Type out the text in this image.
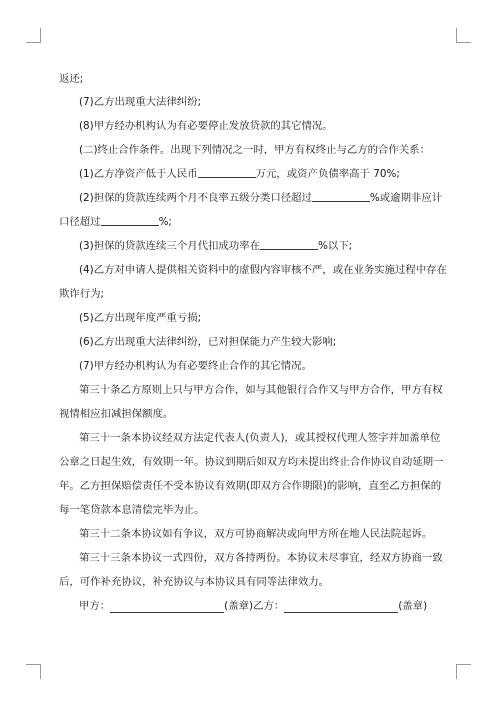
返还;
(7)乙方出现重大法律纠纷;
(8)甲方经办机构认为有必要停止发放贷款的其它情况。
(二)终止合作条件。出现下列情况之一时，甲方有权终止与乙方的合作关系：
(1)乙方净资产低于人民币	万元，或资产负债率高于 70%;
(2)担保的贷款连续两个月不良率五级分类口径超过	%或逾期非应计
口径超过	%;
(3)担保的贷款连续三个月代扣成功率在	%以下;
(4)乙方对申请人提供相关资料中的虚假内容审核不严，或在业务实施过程中存在
欺诈行为;
(5)乙方出现年度严重亏损;
(6)乙方出现重大法律纠纷，已对担保能力产生较大影响;
(7)甲方经办机构认为有必要终止合作的其它情况。
第三十条乙方原则上只与甲方合作，如与其他银行合作又与甲方合作，甲方有权
视情相应扣减担保额度。
第三十一条本协议经双方法定代表人(负责人)，或其授权代理人签字并加盖单位
公章之日起生效，有效期一年。协议到期后如双方均未提出终止合作协议自动延期一
年。乙方担保赔偿责任不受本协议有效期(即双方合作期限)的影响，直至乙方担保的
每一笔贷款本息清偿完毕为止。
第三十二条本协议如有争议，双方可协商解决或向甲方所在地人民法院起诉。
第三十三条本协议一式四份，双方各持两份。本协议未尽事宜，经双方协商一致
后，可作补充协议，补充协议与本协议具有同等法律效力。
甲方：	(盖章) 乙方：	(盖章)
